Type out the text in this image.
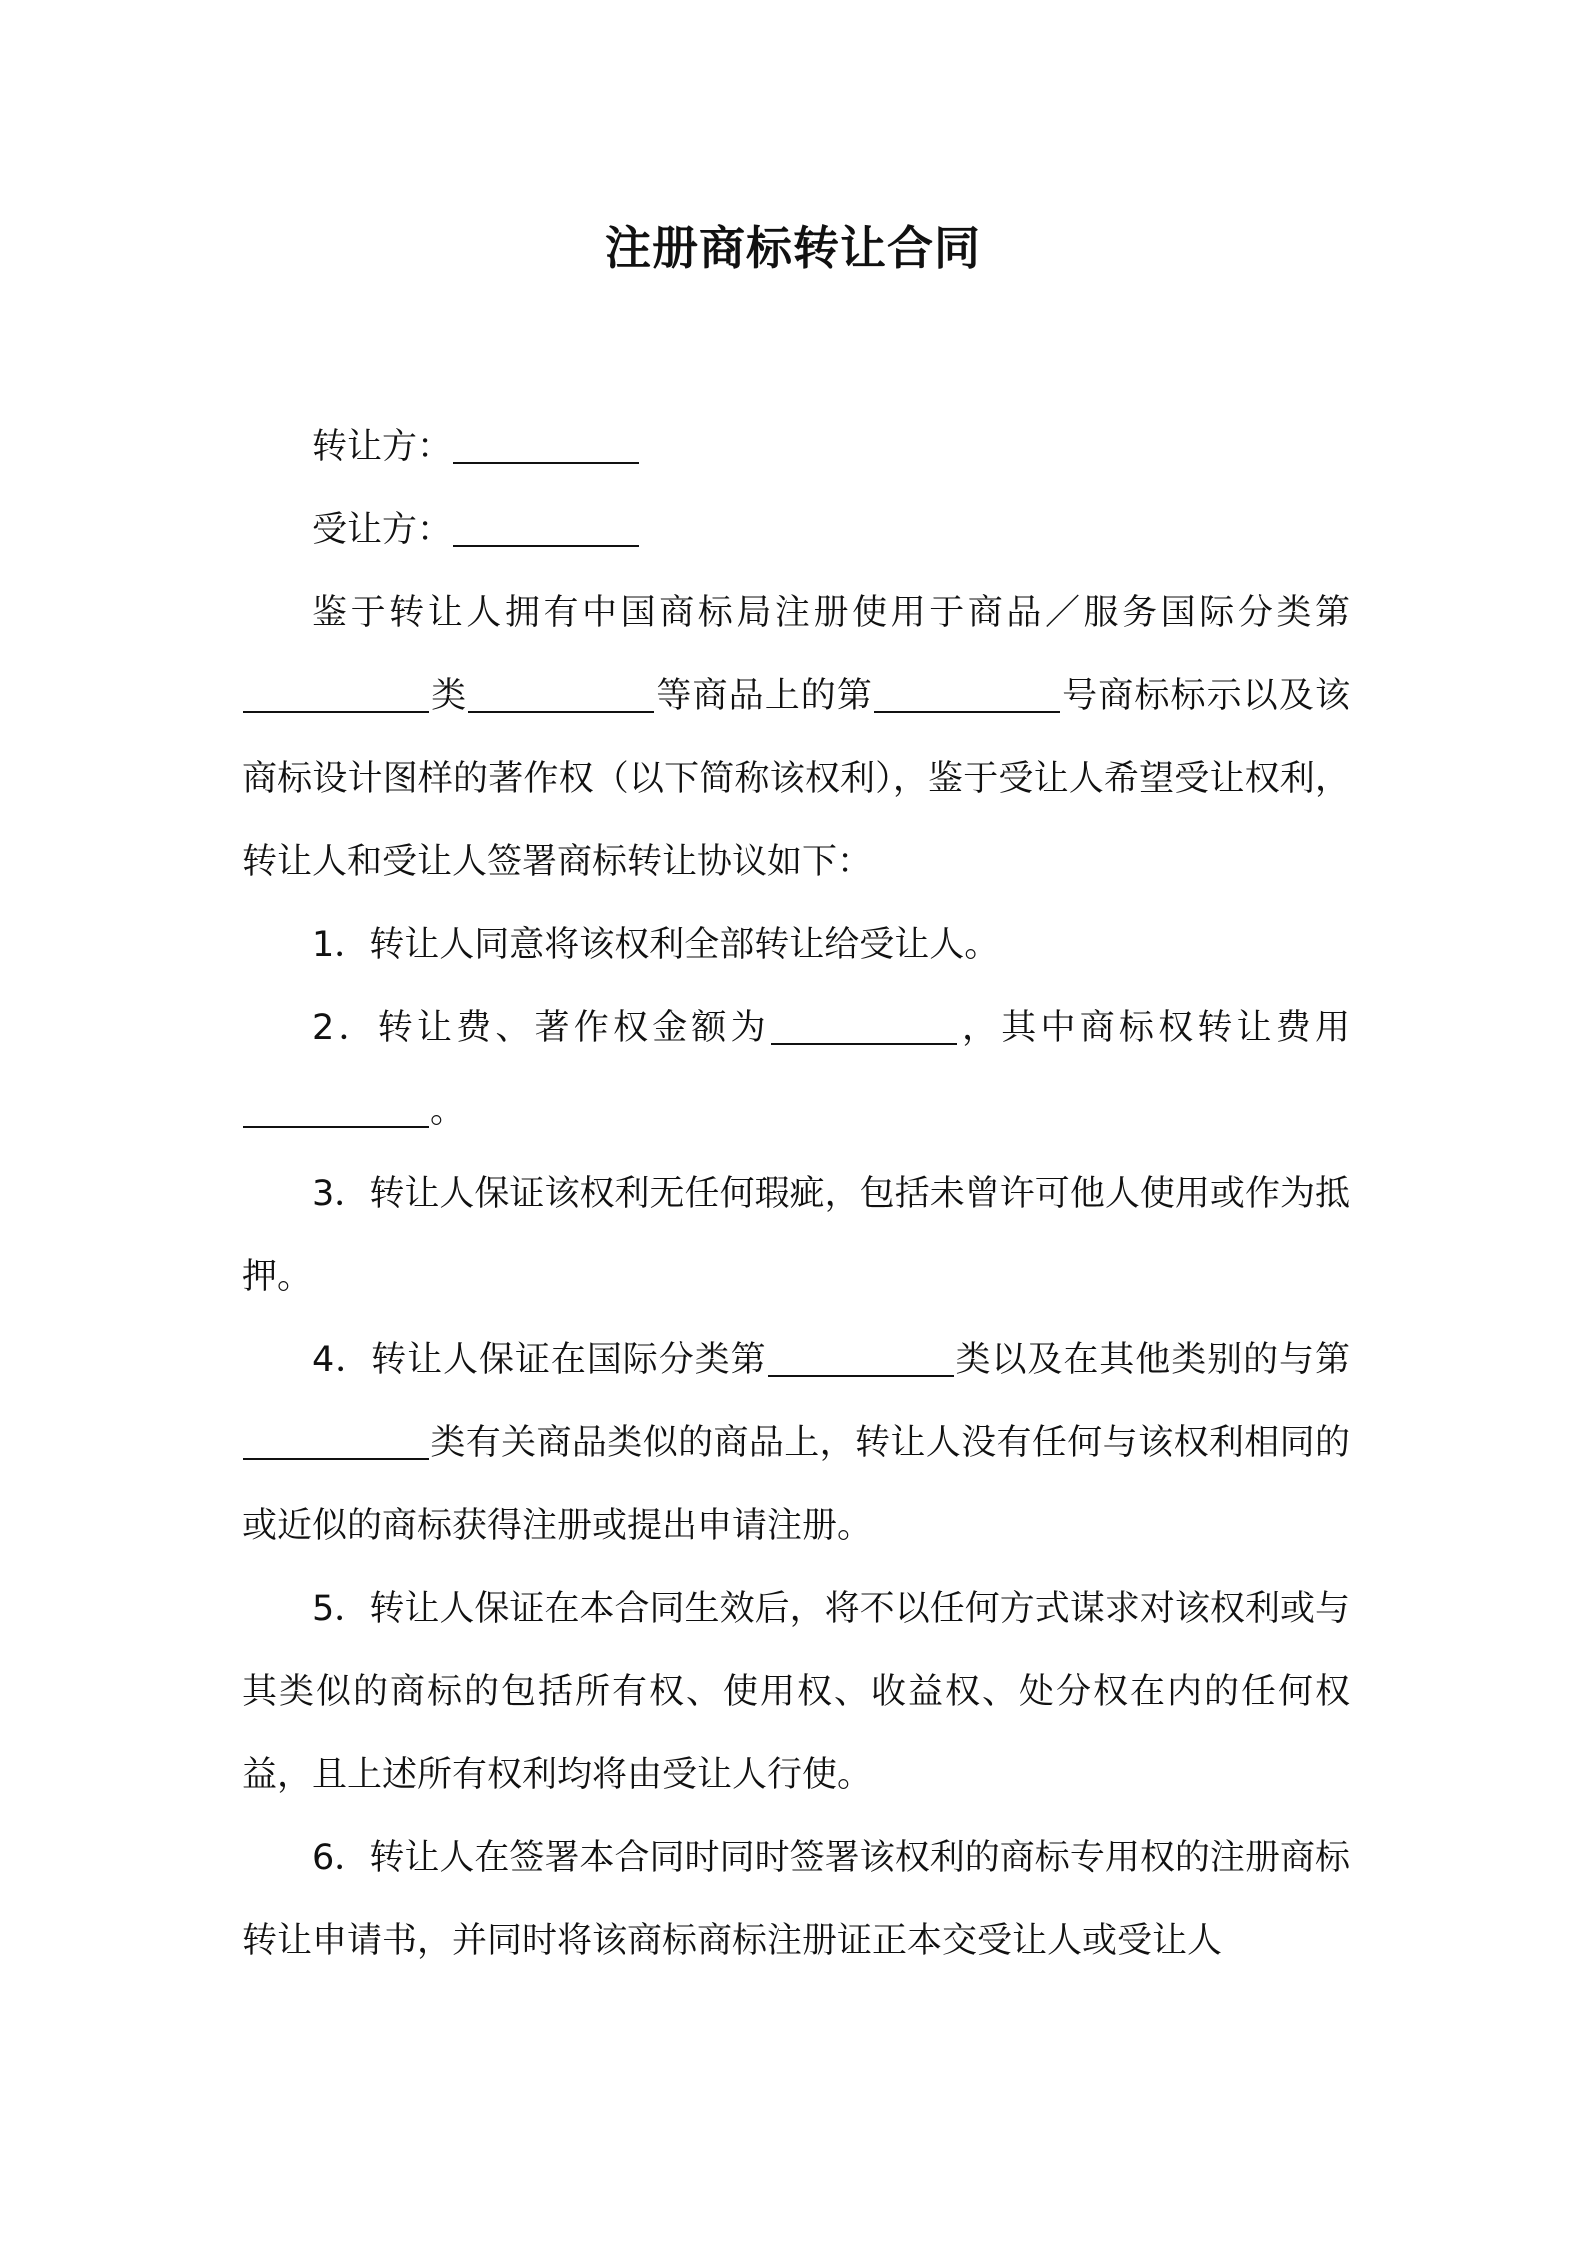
注册商标转让合同

转让方：

受让方：

鉴于转让人拥有中国商标局注册使用于商品／服务国际分类第类	等商品上的第	号商标标示以及该商标设计图样的著作权（以下简称该权利），鉴于受让人希望受让权利，转让人和受让人签署商标转让协议如下：

1．转让人同意将该权利全部转让给受让人。

2．转让费、著作权金额为	，其中商标权转让费用。

3．转让人保证该权利无任何瑕疵，包括未曾许可他人使用或作为抵押。

4．转让人保证在国际分类第	类以及在其他类别的与第类有关商品类似的商品上，转让人没有任何与该权利相同的或近似的商标获得注册或提出申请注册。

5．转让人保证在本合同生效后，将不以任何方式谋求对该权利或与其类似的商标的包括所有权、使用权、收益权、处分权在内的任何权益，且上述所有权利均将由受让人行使。

6．转让人在签署本合同时同时签署该权利的商标专用权的注册商标转让申请书，并同时将该商标商标注册证正本交受让人或受让人
